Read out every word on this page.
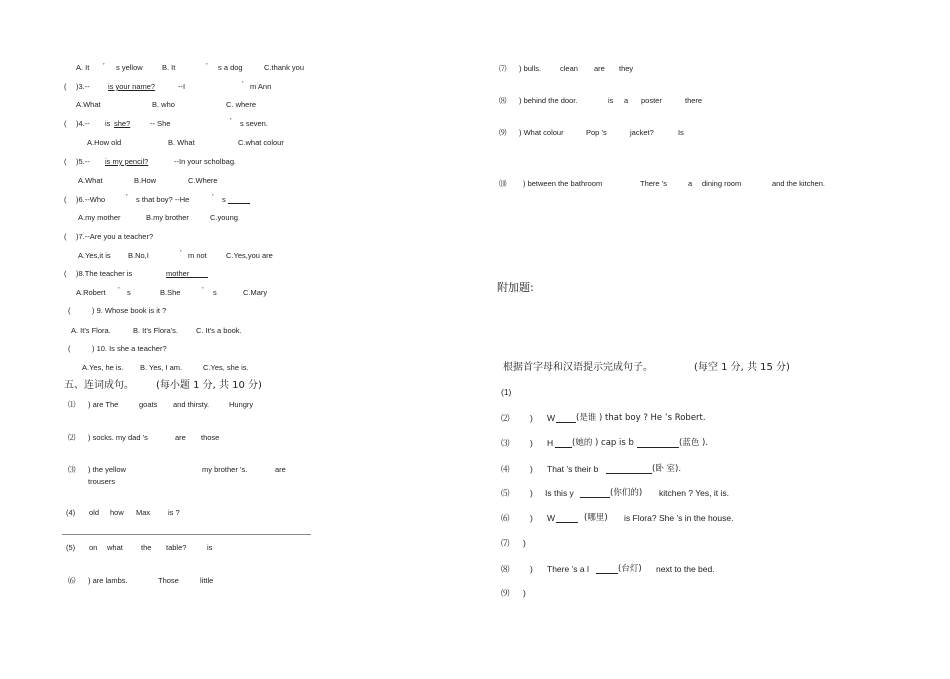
A. It ’ s yellow	B. It	’ s a dog	C.thank you
( )3.-- is your name?	--I	’ m Ann
A.What	B. who	C. where
( )4.-- is she?	-- She	’ s seven.
A.How old	B. What	C.what colour
( )5.-- is my pencil?	--In your scholbag.
A.What	B.How	C.Where
( )6.--Who	’ s that boy? --He	’ s
A.my mother	B.my brother	C.young
( )7.--Are you a teacher?
A.Yes,it is B.No,I	’ m not	C.Yes,you are
( )8.The teacher is	mother
A.Robert ’ s	B.She	’ s	C.Mary
(	) 9. Whose book is it ?
A. It's Flora.	B. It's Flora's. C. It's a book.
(	) 10. Is she a teacher?
A.Yes, he is. B. Yes, I am.	C.Yes, she is.
五、连词成句。 (每小题 1 分, 共 10 分)
⑴ ) are The	goats and thirsty.	Hungry
⑵ ) socks. my dad ’s	are those
⑶ ) the yellow	my brother ’s.	are
trousers
(4) old how Max is ?
(5) on what the table?	is
⑹ ) are lambs.	Those	little
⑺ ) bulls.	clean are they
⑻ ) behind the door.	is a poster	there
⑼ ) What colour	Pop ’s	jacket?	Is
⑽ ) between the bathroom	There ’s	a dining room	and the kitchen.
附加题:
根据首字母和汉语提示完成句子。	(每空 1 分, 共 15 分)
(1)
⑵ ) W (是谁 ) that boy ? He ’s Robert.
⑶ ) H (她的 ) cap is b	(蓝色 ).
⑷ ) That ’s their b	(卧 室).
⑸ ) Is this y	(你们的) kitchen ? Yes, it is.
⑹ ) W	(哪里) is Flora? She ’s in the house.
⑺ )
⑻ ) There ’s a l	(台灯) next to the bed.
⑼ )
